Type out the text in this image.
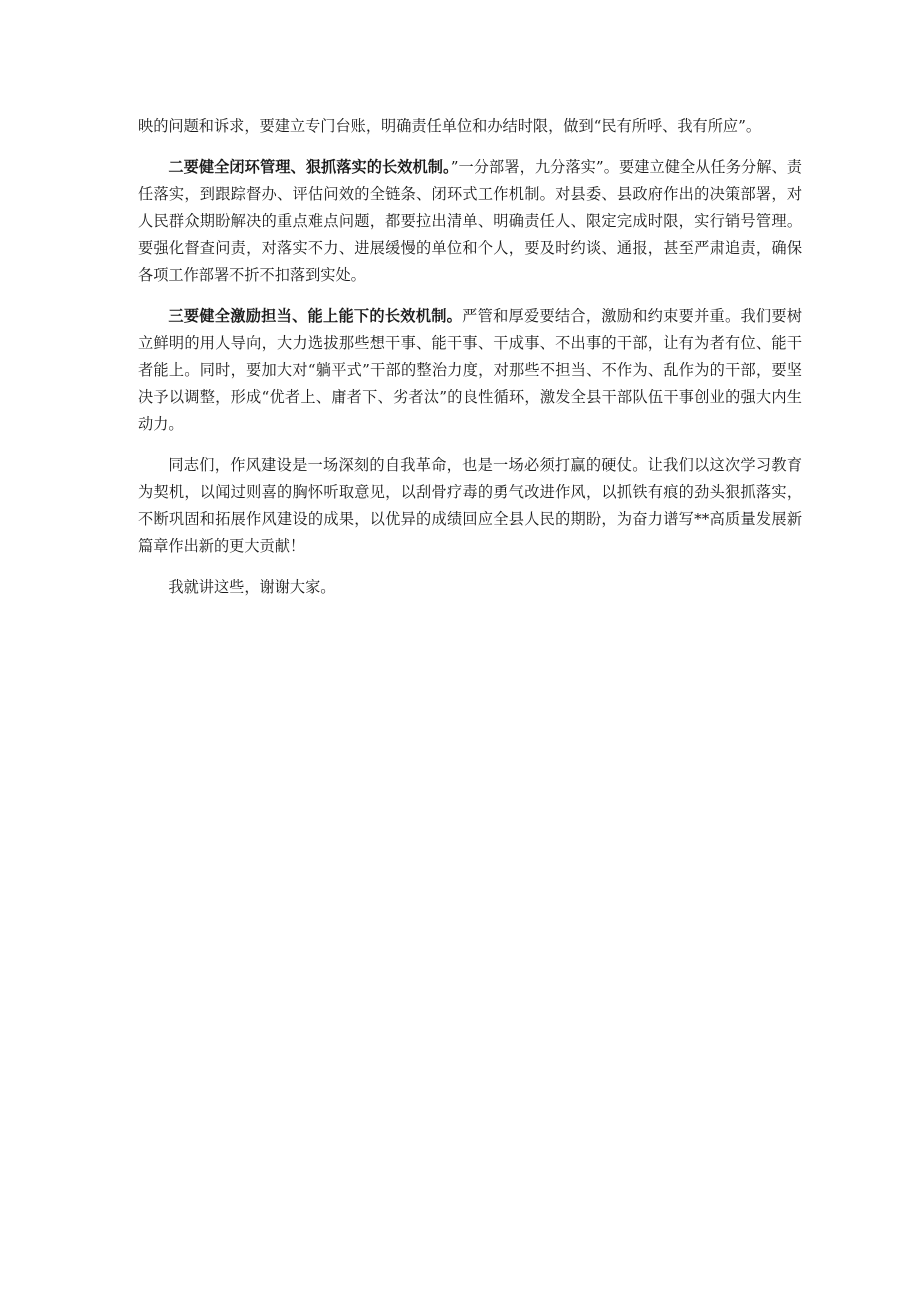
映的问题和诉求，要建立专门台账，明确责任单位和办结时限，做到“民有所呼、我有所应”。

二要健全闭环管理、狠抓落实的长效机制。”一分部署，九分落实”。要建立健全从任务分解、责任落实，到跟踪督办、评估问效的全链条、闭环式工作机制。对县委、县政府作出的决策部署，对人民群众期盼解决的重点难点问题，都要拉出清单、明确责任人、限定完成时限，实行销号管理。要强化督查问责，对落实不力、进展缓慢的单位和个人，要及时约谈、通报，甚至严肃追责，确保各项工作部署不折不扣落到实处。

三要健全激励担当、能上能下的长效机制。严管和厚爱要结合，激励和约束要并重。我们要树立鲜明的用人导向，大力选拔那些想干事、能干事、干成事、不出事的干部，让有为者有位、能干者能上。同时，要加大对“躺平式”干部的整治力度，对那些不担当、不作为、乱作为的干部，要坚决予以调整，形成“优者上、庸者下、劣者汰”的良性循环，激发全县干部队伍干事创业的强大内生动力。

同志们，作风建设是一场深刻的自我革命，也是一场必须打赢的硬仗。让我们以这次学习教育为契机，以闻过则喜的胸怀听取意见，以刮骨疗毒的勇气改进作风，以抓铁有痕的劲头狠抓落实，不断巩固和拓展作风建设的成果，以优异的成绩回应全县人民的期盼，为奋力谱写**高质量发展新篇章作出新的更大贡献！

我就讲这些，谢谢大家。
